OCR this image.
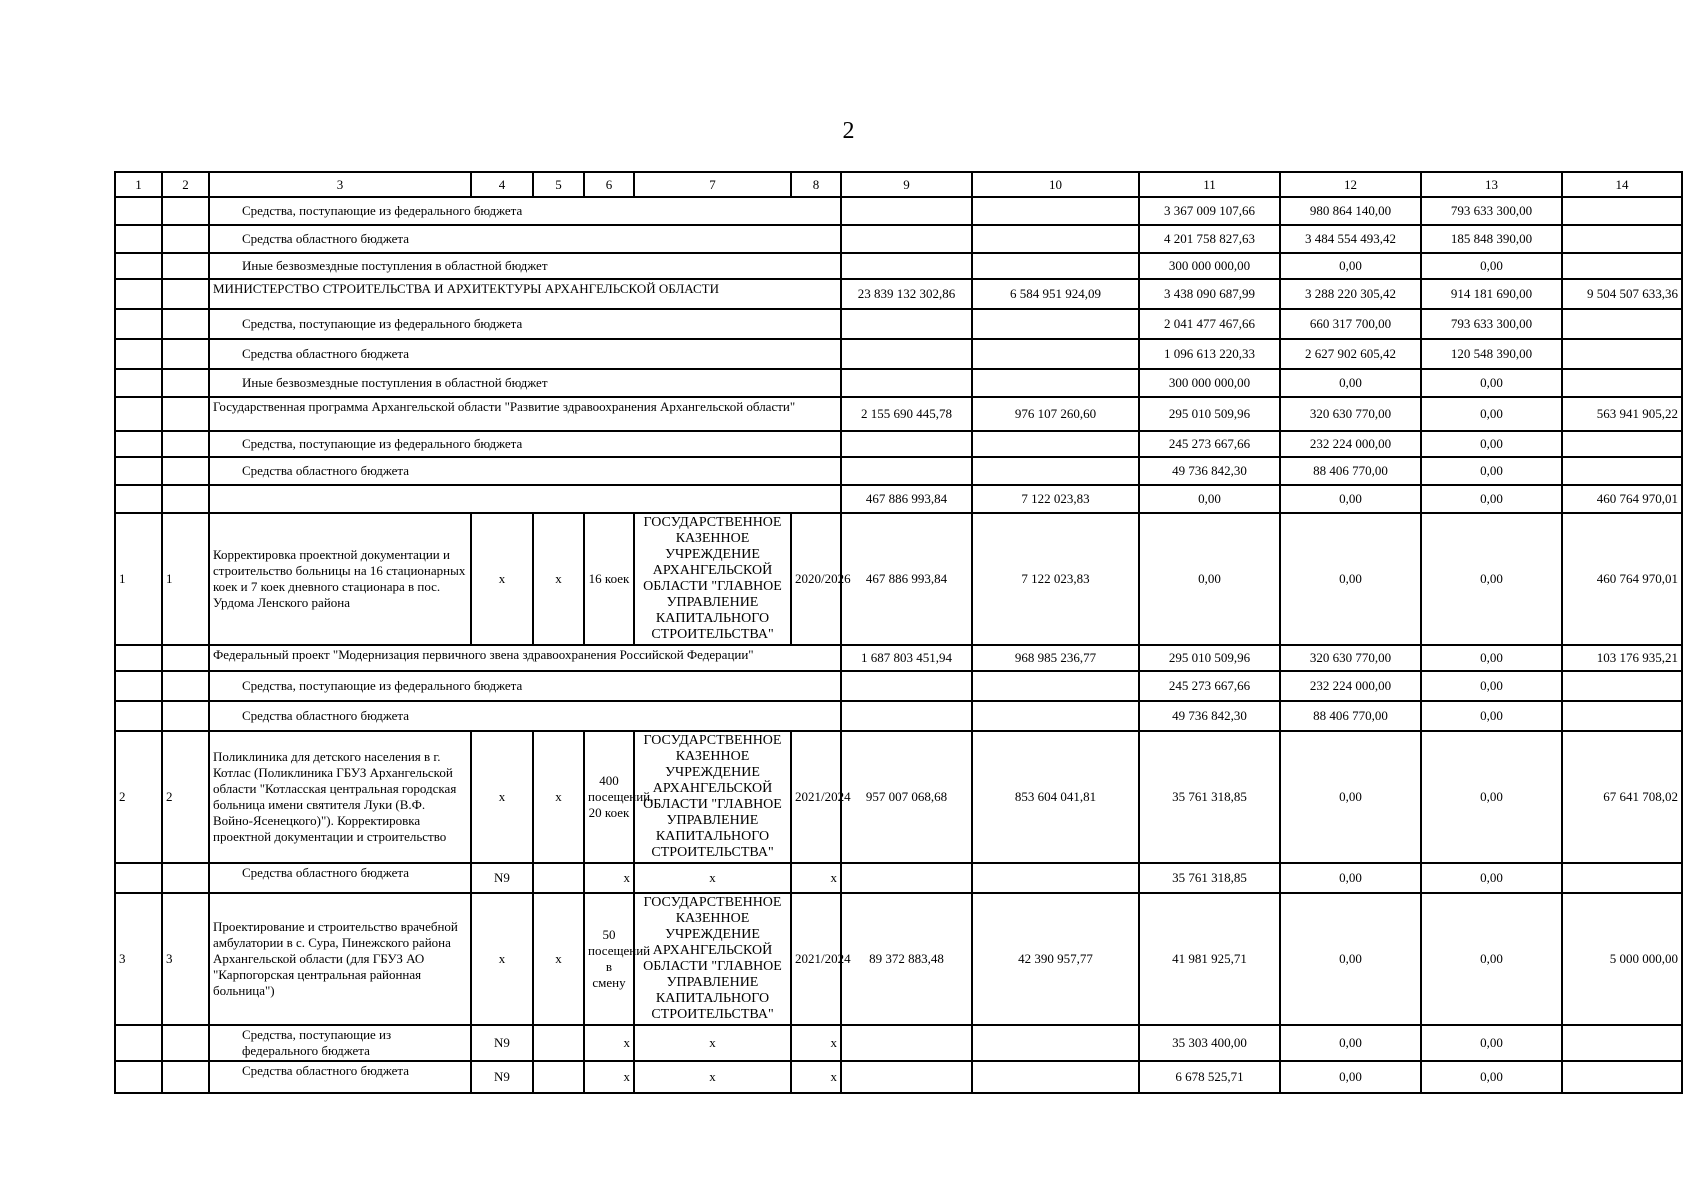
2
1	2	3	4	5	6	7	8	9	10	11	12	13	14
		Средства, поступающие из федерального бюджета								3 367 009 107,66	980 864 140,00	793 633 300,00	
		Средства областного бюджета								4 201 758 827,63	3 484 554 493,42	185 848 390,00	
		Иные безвозмездные поступления в областной бюджет								300 000 000,00	0,00	0,00	
		МИНИСТЕРСТВО СТРОИТЕЛЬСТВА И АРХИТЕКТУРЫ АРХАНГЕЛЬСКОЙ ОБЛАСТИ						23 839 132 302,86	6 584 951 924,09	3 438 090 687,99	3 288 220 305,42	914 181 690,00	9 504 507 633,36
		Средства, поступающие из федерального бюджета								2 041 477 467,66	660 317 700,00	793 633 300,00	
		Средства областного бюджета								1 096 613 220,33	2 627 902 605,42	120 548 390,00	
		Иные безвозмездные поступления в областной бюджет								300 000 000,00	0,00	0,00	
		Государственная программа Архангельской области "Развитие здравоохранения Архангельской области"						2 155 690 445,78	976 107 260,60	295 010 509,96	320 630 770,00	0,00	563 941 905,22
		Средства, поступающие из федерального бюджета								245 273 667,66	232 224 000,00	0,00	
		Средства областного бюджета								49 736 842,30	88 406 770,00	0,00	
								467 886 993,84	7 122 023,83	0,00	0,00	0,00	460 764 970,01
1	1	Корректировка проектной документации и строительство больницы на 16 стационарных коек и 7 коек дневного стационара в пос. Урдома Ленского района	x	x	16 коек	ГОСУДАРСТВЕННОЕ КАЗЕННОЕ УЧРЕЖДЕНИЕ АРХАНГЕЛЬСКОЙ ОБЛАСТИ "ГЛАВНОЕ УПРАВЛЕНИЕ КАПИТАЛЬНОГО СТРОИТЕЛЬСТВА"	2020/2026	467 886 993,84	7 122 023,83	0,00	0,00	0,00	460 764 970,01
		Федеральный проект "Модернизация первичного звена здравоохранения Российской Федерации"						1 687 803 451,94	968 985 236,77	295 010 509,96	320 630 770,00	0,00	103 176 935,21
		Средства, поступающие из федерального бюджета								245 273 667,66	232 224 000,00	0,00	
		Средства областного бюджета								49 736 842,30	88 406 770,00	0,00	
2	2	Поликлиника для детского населения в г. Котлас (Поликлиника ГБУЗ Архангельской области "Котласская центральная городская больница имени святителя Луки (В.Ф. Войно-Ясенецкого)"). Корректировка проектной документации и строительство	x	x	400 посещений, 20 коек	ГОСУДАРСТВЕННОЕ КАЗЕННОЕ УЧРЕЖДЕНИЕ АРХАНГЕЛЬСКОЙ ОБЛАСТИ "ГЛАВНОЕ УПРАВЛЕНИЕ КАПИТАЛЬНОГО СТРОИТЕЛЬСТВА"	2021/2024	957 007 068,68	853 604 041,81	35 761 318,85	0,00	0,00	67 641 708,02
		Средства областного бюджета	N9		x	x	x			35 761 318,85	0,00	0,00	
3	3	Проектирование и строительство врачебной амбулатории в с. Сура, Пинежского района Архангельской области (для ГБУЗ АО "Карпогорская центральная районная больница")	x	x	50 посещений в смену	ГОСУДАРСТВЕННОЕ КАЗЕННОЕ УЧРЕЖДЕНИЕ АРХАНГЕЛЬСКОЙ ОБЛАСТИ "ГЛАВНОЕ УПРАВЛЕНИЕ КАПИТАЛЬНОГО СТРОИТЕЛЬСТВА"	2021/2024	89 372 883,48	42 390 957,77	41 981 925,71	0,00	0,00	5 000 000,00
		Средства, поступающие из федерального бюджета	N9		x	x	x			35 303 400,00	0,00	0,00	
		Средства областного бюджета	N9		x	x	x			6 678 525,71	0,00	0,00	
